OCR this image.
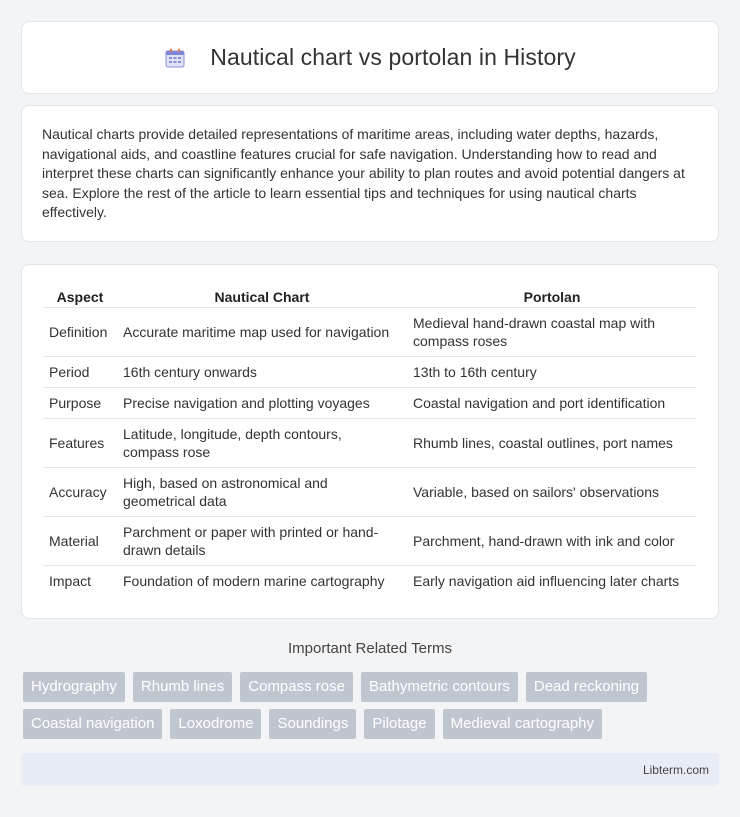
Nautical chart vs portolan in History

Nautical charts provide detailed representations of maritime areas, including water depths, hazards, navigational aids, and coastline features crucial for safe navigation. Understanding how to read and interpret these charts can significantly enhance your ability to plan routes and avoid potential dangers at sea. Explore the rest of the article to learn essential tips and techniques for using nautical charts effectively.

Aspect	Nautical Chart	Portolan
Definition	Accurate maritime map used for navigation	Medieval hand-drawn coastal map with compass roses
Period	16th century onwards	13th to 16th century
Purpose	Precise navigation and plotting voyages	Coastal navigation and port identification
Features	Latitude, longitude, depth contours, compass rose	Rhumb lines, coastal outlines, port names
Accuracy	High, based on astronomical and geometrical data	Variable, based on sailors' observations
Material	Parchment or paper with printed or hand-drawn details	Parchment, hand-drawn with ink and color
Impact	Foundation of modern marine cartography	Early navigation aid influencing later charts
Important Related Terms
Hydrography	Rhumb lines	Compass rose	Bathymetric contours	Dead reckoning
Coastal navigation	Loxodrome	Soundings	Pilotage	Medieval cartography
Libterm.com
